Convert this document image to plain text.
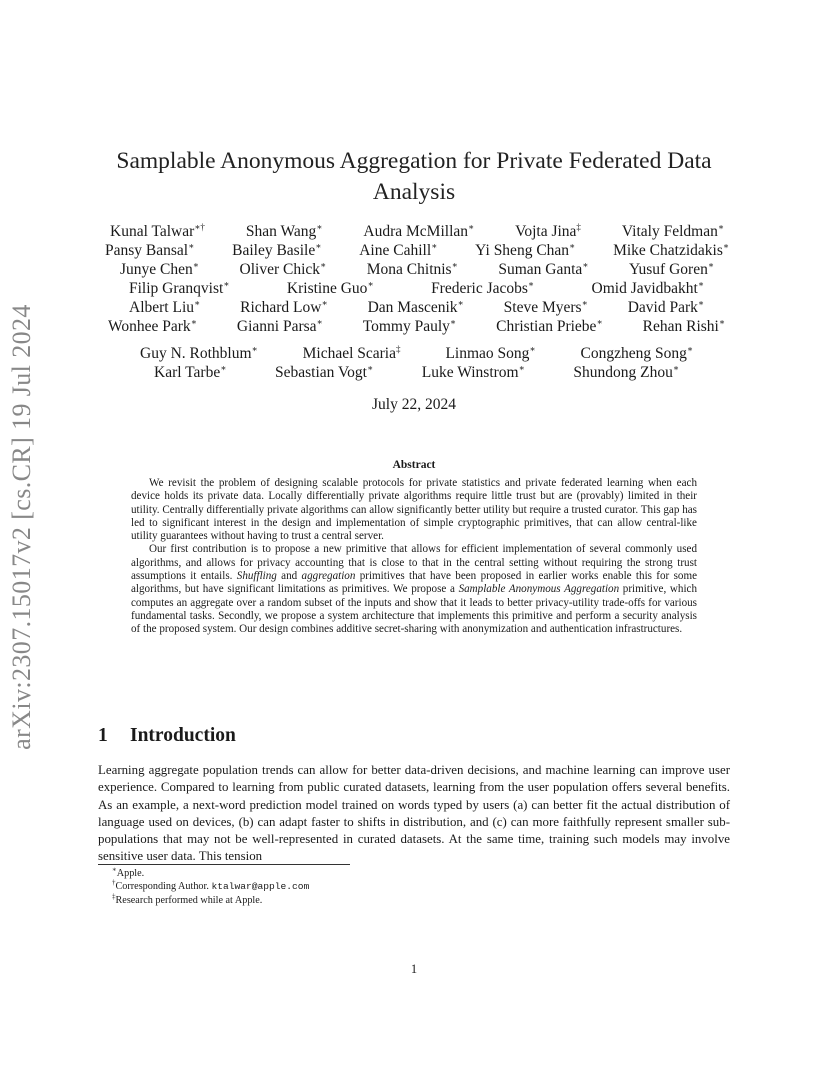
arXiv:2307.15017v2 [cs.CR] 19 Jul 2024
Samplable Anonymous Aggregation for Private Federated Data Analysis
Kunal Talwar∗†	Shan Wang∗	Audra McMillan∗	Vojta Jina‡	Vitaly Feldman∗
Pansy Bansal∗ Bailey Basile∗ Aine Cahill∗ Yi Sheng Chan∗ Mike Chatzidakis∗
Junye Chen∗	Oliver Chick∗	Mona Chitnis∗	Suman Ganta∗	Yusuf Goren∗
Filip Granqvist∗	Kristine Guo∗	Frederic Jacobs∗	Omid Javidbakht∗
Albert Liu∗	Richard Low∗	Dan Mascenik∗	Steve Myers∗	David Park∗
Wonhee Park∗	Gianni Parsa∗	Tommy Pauly∗	Christian Priebe∗	Rehan Rishi∗
Guy N. Rothblum∗	Michael Scaria‡	Linmao Song∗	Congzheng Song∗
Karl Tarbe∗	Sebastian Vogt∗	Luke Winstrom∗	Shundong Zhou∗
July 22, 2024
Abstract

We revisit the problem of designing scalable protocols for private statistics and private federated learning when each device holds its private data. Locally differentially private algorithms require little trust but are (provably) limited in their utility. Centrally differentially private algorithms can allow significantly better utility but require a trusted curator. This gap has led to significant interest in the design and implementation of simple cryptographic primitives, that can allow central-like utility guarantees without having to trust a central server.

Our first contribution is to propose a new primitive that allows for efficient implementation of several commonly used algorithms, and allows for privacy accounting that is close to that in the central setting without requiring the strong trust assumptions it entails. Shuffling and aggregation primitives that have been proposed in earlier works enable this for some algorithms, but have significant limitations as primitives. We propose a Samplable Anonymous Aggregation primitive, which computes an aggregate over a random subset of the inputs and show that it leads to better privacy-utility trade-offs for various fundamental tasks. Secondly, we propose a system architecture that implements this primitive and perform a security analysis of the proposed system. Our design combines additive secret-sharing with anonymization and authentication infrastructures.

1 Introduction

Learning aggregate population trends can allow for better data-driven decisions, and machine learning can improve user experience. Compared to learning from public curated datasets, learning from the user population offers several benefits. As an example, a next-word prediction model trained on words typed by users (a) can better fit the actual distribution of language used on devices, (b) can adapt faster to shifts in distribution, and (c) can more faithfully represent smaller sub-populations that may not be well-represented in curated datasets. At the same time, training such models may involve sensitive user data. This tension

∗Apple.
†Corresponding Author. ktalwar@apple.com
‡Research performed while at Apple.
1
